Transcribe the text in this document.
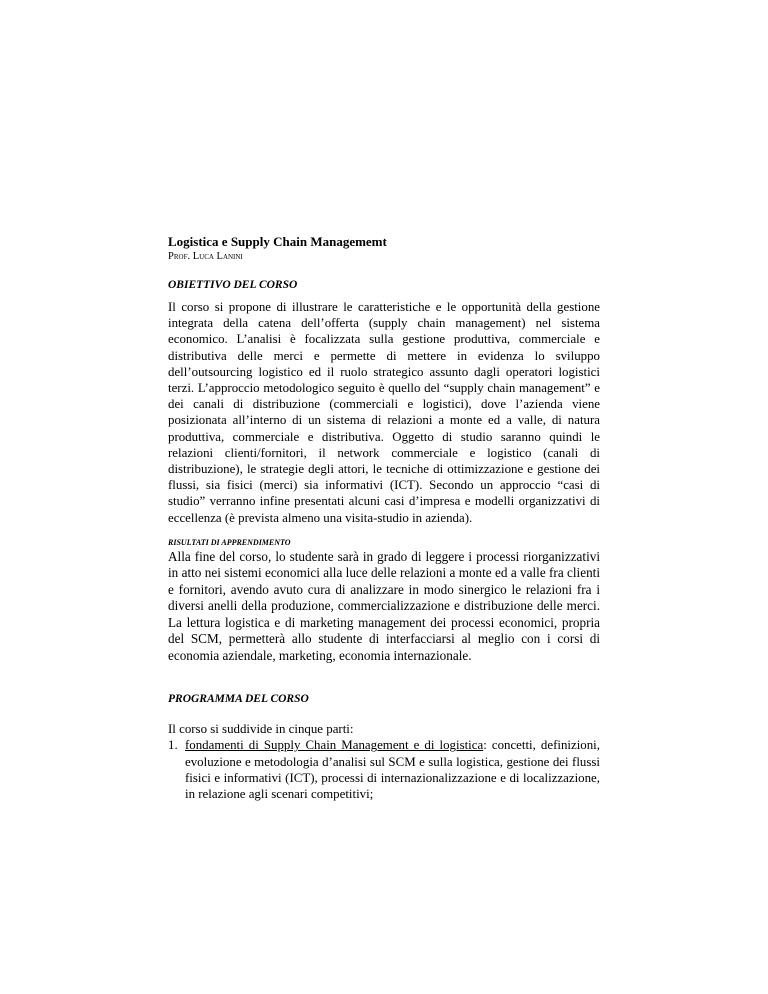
Logistica e Supply Chain Managememt

Prof. Luca Lanini

OBIETTIVO DEL CORSO

Il corso si propone di illustrare le caratteristiche e le opportunità della gestione integrata della catena dell’offerta (supply chain management) nel sistema economico. L’analisi è focalizzata sulla gestione produttiva, commerciale e distributiva delle merci e permette di mettere in evidenza lo sviluppo dell’outsourcing logistico ed il ruolo strategico assunto dagli operatori logistici terzi. L’approccio metodologico seguito è quello del “supply chain management” e dei canali di distribuzione (commerciali e logistici), dove l’azienda viene posizionata all’interno di un sistema di relazioni a monte ed a valle, di natura produttiva, commerciale e distributiva. Oggetto di studio saranno quindi le relazioni clienti/fornitori, il network commerciale e logistico (canali di distribuzione), le strategie degli attori, le tecniche di ottimizzazione e gestione dei flussi, sia fisici (merci) sia informativi (ICT). Secondo un approccio “casi di studio” verranno infine presentati alcuni casi d’impresa e modelli organizzativi di eccellenza (è prevista almeno una visita-studio in azienda).

RISULTATI DI APPRENDIMENTO

Alla fine del corso, lo studente sarà in grado di leggere i processi riorganizzativi in atto nei sistemi economici alla luce delle relazioni a monte ed a valle fra clienti e fornitori, avendo avuto cura di analizzare in modo sinergico le relazioni fra i diversi anelli della produzione, commercializzazione e distribuzione delle merci. La lettura logistica e di marketing management dei processi economici, propria del SCM, permetterà allo studente di interfacciarsi al meglio con i corsi di economia aziendale, marketing, economia internazionale.

PROGRAMMA DEL CORSO

Il corso si suddivide in cinque parti:

1. fondamenti di Supply Chain Management e di logistica: concetti, definizioni, evoluzione e metodologia d’analisi sul SCM e sulla logistica, gestione dei flussi fisici e informativi (ICT), processi di internazionalizzazione e di localizzazione, in relazione agli scenari competitivi;
